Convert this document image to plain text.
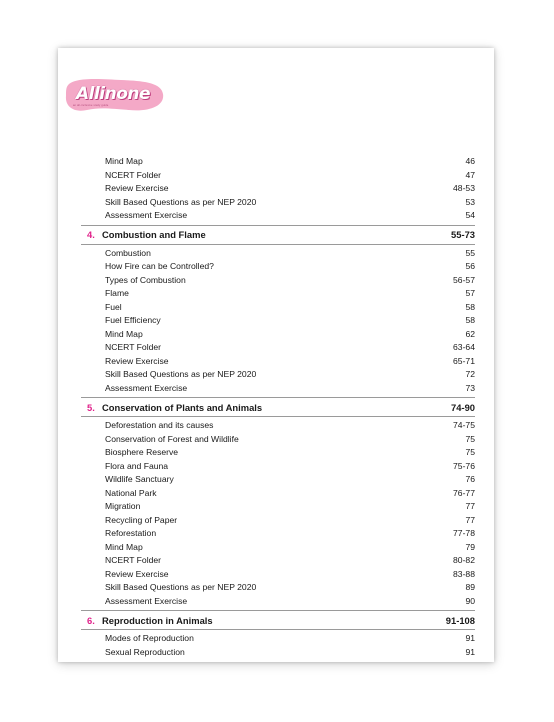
Allinone
an all-inclusive study guide
Mind Map	46
NCERT Folder	47
Review Exercise	48-53
Skill Based Questions as per NEP 2020	53
Assessment Exercise	54
4. Combustion and Flame	55-73
Combustion	55
How Fire can be Controlled?	56
Types of Combustion	56-57
Flame	57
Fuel	58
Fuel Efficiency	58
Mind Map	62
NCERT Folder	63-64
Review Exercise	65-71
Skill Based Questions as per NEP 2020	72
Assessment Exercise	73
5. Conservation of Plants and Animals	74-90
Deforestation and its causes	74-75
Conservation of Forest and Wildlife	75
Biosphere Reserve	75
Flora and Fauna	75-76
Wildlife Sanctuary	76
National Park	76-77
Migration	77
Recycling of Paper	77
Reforestation	77-78
Mind Map	79
NCERT Folder	80-82
Review Exercise	83-88
Skill Based Questions as per NEP 2020	89
Assessment Exercise	90
6. Reproduction in Animals	91-108
Modes of Reproduction	91
Sexual Reproduction	91
